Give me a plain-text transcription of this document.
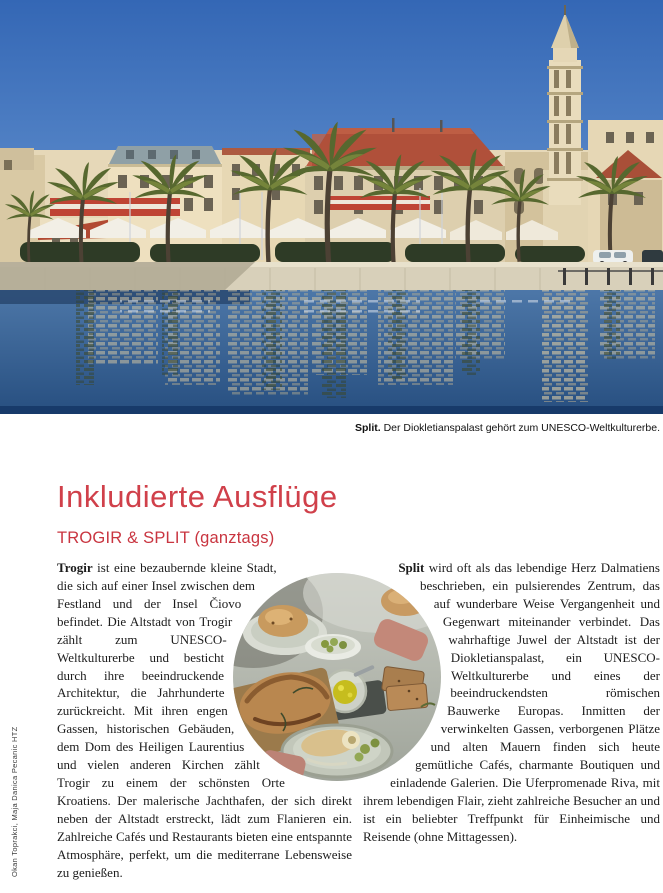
Split. Der Diokletianspalast gehört zum UNESCO-Weltkulturerbe.
Inkludierte Ausflüge
TROGIR & SPLIT (ganztags)

Trogir ist eine bezaubernde kleine Stadt, die sich auf einer Insel zwischen dem Festland und der Insel Čiovo befindet. Die Altstadt von Trogir zählt zum UNESCO-Weltkulturerbe und besticht durch ihre beeindruckende Architektur, die Jahrhunderte zurückreicht. Mit ihren engen Gassen, historischen Gebäuden, dem Dom des Heiligen Laurentius und vielen anderen Kirchen zählt Trogir zu einem der schönsten Orte Kroatiens. Der malerische Jachthafen, der sich direkt neben der Altstadt erstreckt, lädt zum Flanieren ein. Zahlreiche Cafés und Restaurants bieten eine entspannte Atmosphäre, perfekt, um die mediterrane Lebensweise zu genießen.

Split wird oft als das lebendige Herz Dalmatiens beschrieben, ein pulsierendes Zentrum, das auf wunderbare Weise Vergangenheit und Gegenwart miteinander verbindet. Das wahrhaftige Juwel der Altstadt ist der Diokletianspalast, ein UNESCO-Weltkulturerbe und eines der beeindruckendsten römischen Bauwerke Europas. Inmitten der verwinkelten Gassen, verborgenen Plätze und alten Mauern finden sich heute gemütliche Cafés, charmante Boutiquen und einladende Galerien. Die Uferpromenade Riva, mit ihrem lebendigen Flair, zieht zahlreiche Besucher an und ist ein beliebter Treffpunkt für Einheimische und Reisende (ohne Mittagessen).

Okan Toprakci, Maja Danica Pecanic HTZ
